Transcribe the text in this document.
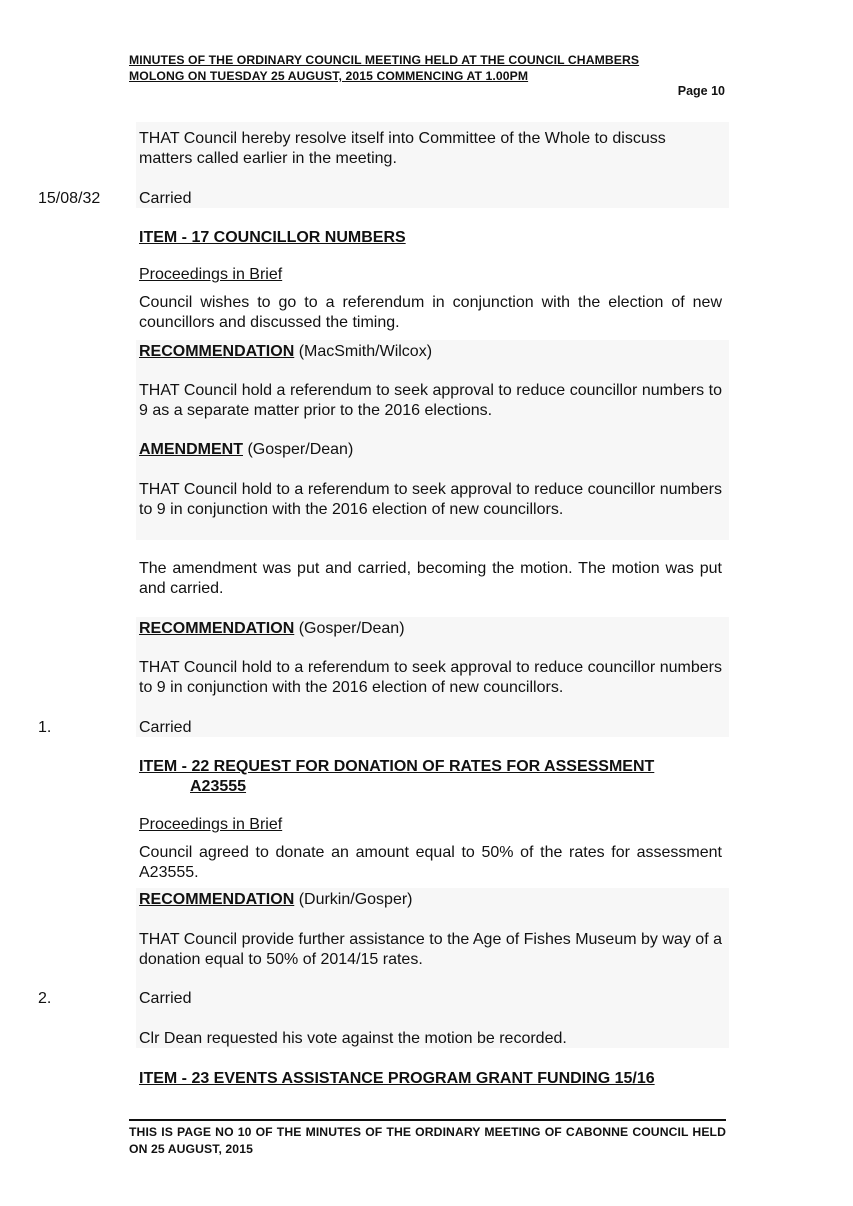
MINUTES OF THE ORDINARY COUNCIL MEETING HELD AT THE COUNCIL CHAMBERS
MOLONG ON TUESDAY 25 AUGUST, 2015 COMMENCING AT 1.00PM
Page 10

THAT Council hereby resolve itself into Committee of the Whole to discuss matters called earlier in the meeting.

15/08/32 Carried

ITEM - 17 COUNCILLOR NUMBERS

Proceedings in Brief

Council wishes to go to a referendum in conjunction with the election of new councillors and discussed the timing.

RECOMMENDATION (MacSmith/Wilcox)

THAT Council hold a referendum to seek approval to reduce councillor numbers to 9 as a separate matter prior to the 2016 elections.

AMENDMENT (Gosper/Dean)

THAT Council hold to a referendum to seek approval to reduce councillor numbers to 9 in conjunction with the 2016 election of new councillors.

The amendment was put and carried, becoming the motion. The motion was put and carried.

RECOMMENDATION (Gosper/Dean)

THAT Council hold to a referendum to seek approval to reduce councillor numbers to 9 in conjunction with the 2016 election of new councillors.

1.	Carried

ITEM - 22 REQUEST FOR DONATION OF RATES FOR ASSESSMENT

A23555

Proceedings in Brief

Council agreed to donate an amount equal to 50% of the rates for assessment A23555.

RECOMMENDATION (Durkin/Gosper)

THAT Council provide further assistance to the Age of Fishes Museum by way of a donation equal to 50% of 2014/15 rates.

2.	Carried

Clr Dean requested his vote against the motion be recorded.

ITEM - 23 EVENTS ASSISTANCE PROGRAM GRANT FUNDING 15/16

THIS IS PAGE NO 10 OF THE MINUTES OF THE ORDINARY MEETING OF CABONNE COUNCIL HELD ON 25 AUGUST, 2015
